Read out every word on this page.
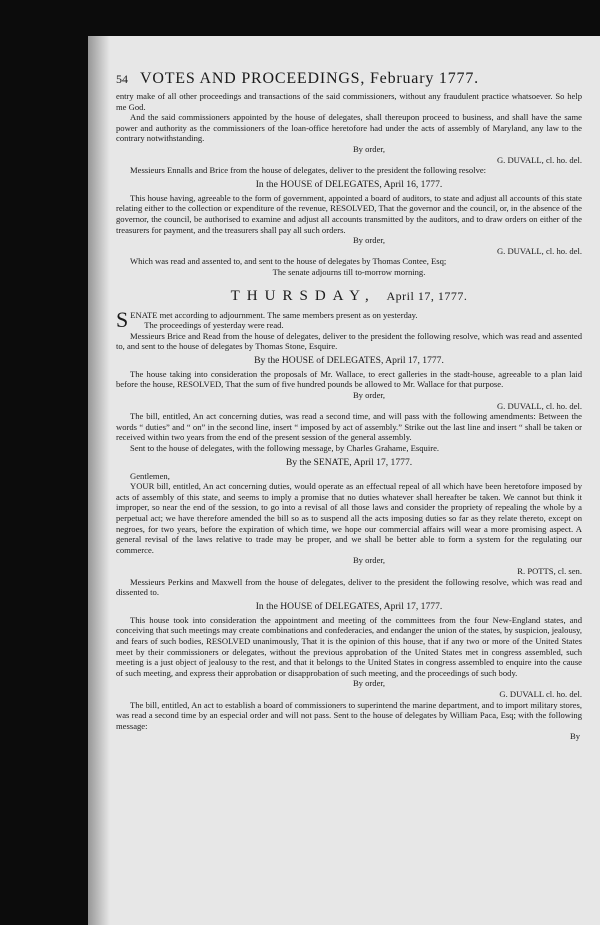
54 VOTES AND PROCEEDINGS, February 1777.

entry make of all other proceedings and transactions of the said commissioners, without any fraudulent practice whatsoever. So help me God.

And the said commissioners appointed by the house of delegates, shall thereupon proceed to business, and shall have the same power and authority as the commissioners of the loan-office heretofore had under the acts of assembly of Maryland, any law to the contrary notwithstanding.

By order,
G. DUVALL, cl. ho. del.

Messieurs Ennalls and Brice from the house of delegates, deliver to the president the following resolve:

In the HOUSE of DELEGATES, April 16, 1777.

This house having, agreeable to the form of government, appointed a board of auditors, to state and adjust all accounts of this state relating either to the collection or expenditure of the revenue, RESOLVED, That the governor and the council, or, in the absence of the governor, the council, be authorised to examine and adjust all accounts transmitted by the auditors, and to draw orders on either of the treasurers for payment, and the treasurers shall pay all such orders.

By order,
G. DUVALL, cl. ho. del.

Which was read and assented to, and sent to the house of delegates by Thomas Contee, Esq;

The senate adjourns till to-morrow morning.
THURSDAY, April 17, 1777.

SENATE met according to adjournment. The same members present as on yesterday.

The proceedings of yesterday were read.

Messieurs Brice and Read from the house of delegates, deliver to the president the following resolve, which was read and assented to, and sent to the house of delegates by Thomas Stone, Esquire.

By the HOUSE of DELEGATES, April 17, 1777.

The house taking into consideration the proposals of Mr. Wallace, to erect galleries in the stadt-house, agreeable to a plan laid before the house, RESOLVED, That the sum of five hundred pounds be allowed to Mr. Wallace for that purpose.

By order,
G. DUVALL, cl. ho. del.

The bill, entitled, An act concerning duties, was read a second time, and will pass with the following amendments: Between the words “ duties” and “ on” in the second line, insert “ imposed by act of assembly.” Strike out the last line and insert “ shall be taken or received within two years from the end of the present session of the general assembly.

Sent to the house of delegates, with the following message, by Charles Grahame, Esquire.

By the SENATE, April 17, 1777.

Gentlemen,

YOUR bill, entitled, An act concerning duties, would operate as an effectual repeal of all which have been heretofore imposed by acts of assembly of this state, and seems to imply a promise that no duties whatever shall hereafter be taken. We cannot but think it improper, so near the end of the session, to go into a revisal of all those laws and consider the propriety of repealing the whole by a perpetual act; we have therefore amended the bill so as to suspend all the acts imposing duties so far as they relate thereto, except on negroes, for two years, before the expiration of which time, we hope our commercial affairs will wear a more promising aspect. A general revisal of the laws relative to trade may be proper, and we shall be better able to form a system for the regulating our commerce.

By order,
R. POTTS, cl. sen.

Messieurs Perkins and Maxwell from the house of delegates, deliver to the president the following resolve, which was read and dissented to.

In the HOUSE of DELEGATES, April 17, 1777.

This house took into consideration the appointment and meeting of the committees from the four New-England states, and conceiving that such meetings may create combinations and confederacies, and endanger the union of the states, by suspicion, jealousy, and fears of such bodies, RESOLVED unanimously, That it is the opinion of this house, that if any two or more of the United States meet by their commissioners or delegates, without the previous approbation of the United States met in congress assembled, such meeting is a just object of jealousy to the rest, and that it belongs to the United States in congress assembled to enquire into the cause of such meeting, and express their approbation or disapprobation of such meeting, and the proceedings of such body.

By order,
G. DUVALL cl. ho. del.

The bill, entitled, An act to establish a board of commissioners to superintend the marine department, and to import military stores, was read a second time by an especial order and will not pass. Sent to the house of delegates by William Paca, Esq; with the following message:

By
